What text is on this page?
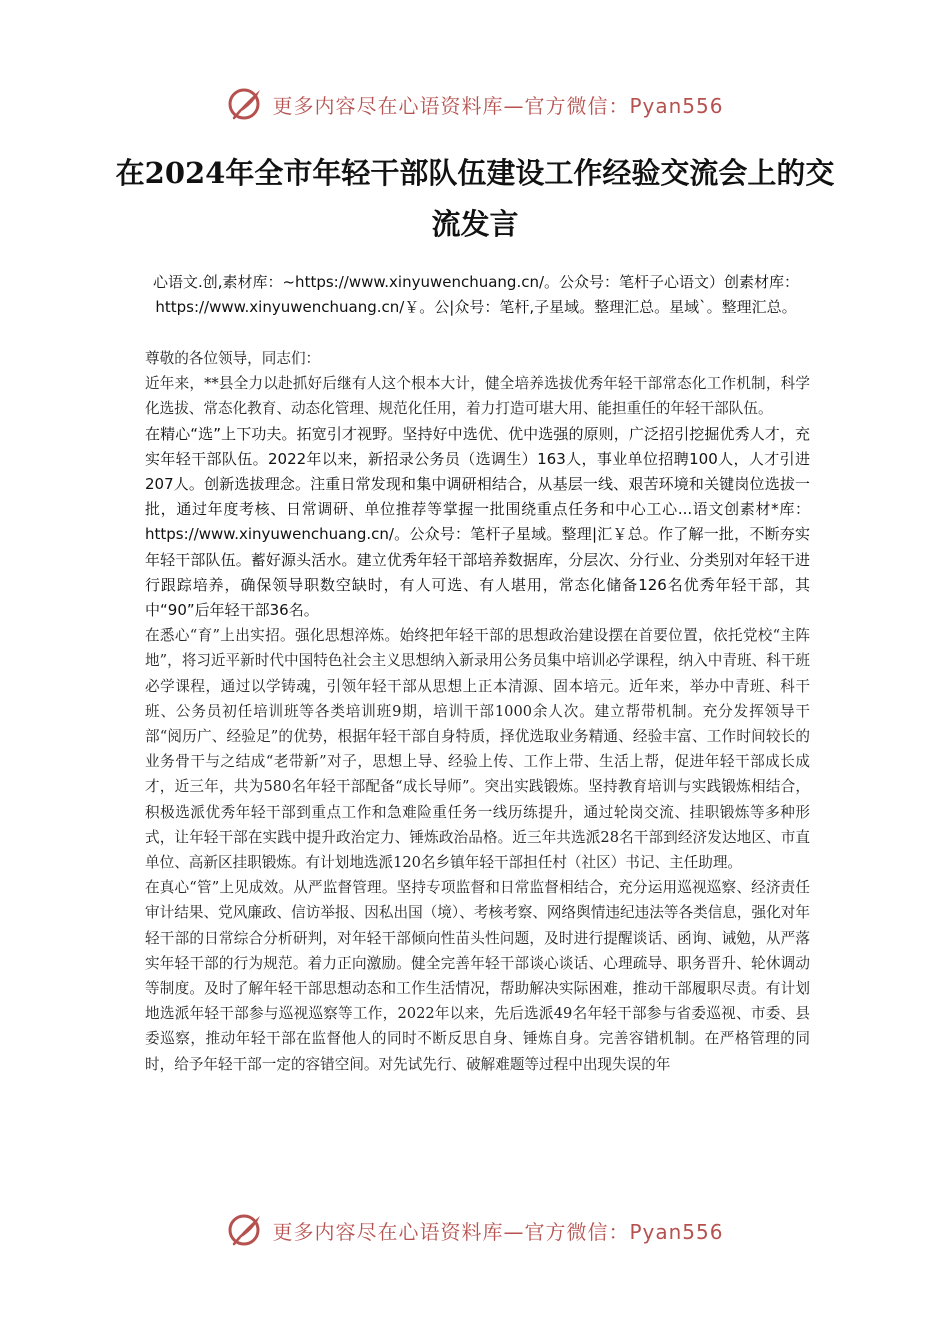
更多内容尽在心语资料库—官方微信：Pyan556
在2024年全市年轻干部队伍建设工作经验交流会上的交流发言
心语文.创,素材库：~https://www.xinyuwenchuang.cn/。公众号：笔杆子心语文）创素材库：https://www.xinyuwenchuang.cn/￥。公|众号：笔杆,子星域。整理汇总。星域`。整理汇总。

尊敬的各位领导，同志们：

近年来，**县全力以赴抓好后继有人这个根本大计，健全培养选拔优秀年轻干部常态化工作机制，科学化选拔、常态化教育、动态化管理、规范化任用，着力打造可堪大用、能担重任的年轻干部队伍。

在精心“选”上下功夫。拓宽引才视野。坚持好中选优、优中选强的原则，广泛招引挖掘优秀人才，充实年轻干部队伍。2022年以来，新招录公务员（选调生）163人，事业单位招聘100人，人才引进207人。创新选拔理念。注重日常发现和集中调研相结合，从基层一线、艰苦环境和关键岗位选拔一批，通过年度考核、日常调研、单位推荐等掌握一批围绕重点任务和中心工心...语文创素材*库：https://www.xinyuwenchuang.cn/。公众号：笔杆子星域。整理|汇￥总。作了解一批，不断夯实年轻干部队伍。蓄好源头活水。建立优秀年轻干部培养数据库，分层次、分行业、分类别对年轻干进行跟踪培养，确保领导职数空缺时，有人可选、有人堪用，常态化储备126名优秀年轻干部，其中“90”后年轻干部36名。

在悉心“育”上出实招。强化思想淬炼。始终把年轻干部的思想政治建设摆在首要位置，依托党校“主阵地”，将习近平新时代中国特色社会主义思想纳入新录用公务员集中培训必学课程，纳入中青班、科干班必学课程，通过以学铸魂，引领年轻干部从思想上正本清源、固本培元。近年来，举办中青班、科干班、公务员初任培训班等各类培训班9期，培训干部1000余人次。建立帮带机制。充分发挥领导干部“阅历广、经验足”的优势，根据年轻干部自身特质，择优选取业务精通、经验丰富、工作时间较长的业务骨干与之结成“老带新”对子，思想上导、经验上传、工作上带、生活上帮，促进年轻干部成长成才，近三年，共为580名年轻干部配备“成长导师”。突出实践锻炼。坚持教育培训与实践锻炼相结合，积极选派优秀年轻干部到重点工作和急难险重任务一线历练提升，通过轮岗交流、挂职锻炼等多种形式，让年轻干部在实践中提升政治定力、锤炼政治品格。近三年共选派28名干部到经济发达地区、市直单位、高新区挂职锻炼。有计划地选派120名乡镇年轻干部担任村（社区）书记、主任助理。

在真心“管”上见成效。从严监督管理。坚持专项监督和日常监督相结合，充分运用巡视巡察、经济责任审计结果、党风廉政、信访举报、因私出国（境）、考核考察、网络舆情违纪违法等各类信息，强化对年轻干部的日常综合分析研判，对年轻干部倾向性苗头性问题，及时进行提醒谈话、函询、诫勉，从严落实年轻干部的行为规范。着力正向激励。健全完善年轻干部谈心谈话、心理疏导、职务晋升、轮休调动等制度。及时了解年轻干部思想动态和工作生活情况，帮助解决实际困难，推动干部履职尽责。有计划地选派年轻干部参与巡视巡察等工作，2022年以来，先后选派49名年轻干部参与省委巡视、市委、县委巡察，推动年轻干部在监督他人的同时不断反思自身、锤炼自身。完善容错机制。在严格管理的同时，给予年轻干部一定的容错空间。对先试先行、破解难题等过程中出现失误的年

更多内容尽在心语资料库—官方微信：Pyan556
